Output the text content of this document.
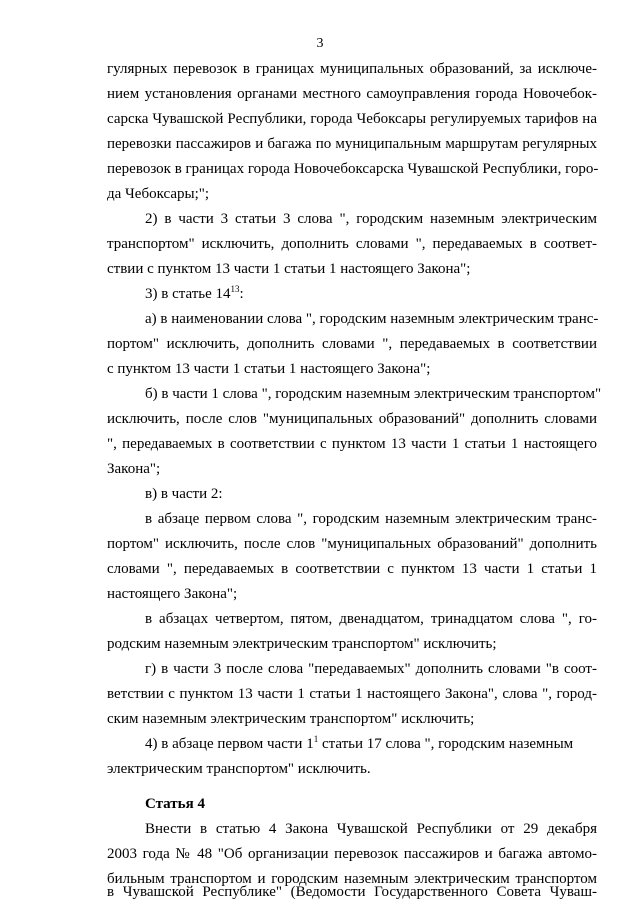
3
гулярных перевозок в границах муниципальных образований, за исключе-
нием установления органами местного самоуправления города Новочебок-
сарска Чувашской Республики, города Чебоксары регулируемых тарифов на
перевозки пассажиров и багажа по муниципальным маршрутам регулярных
перевозок в границах города Новочебоксарска Чувашской Республики, горо-
да Чебоксары;";
2) в части 3 статьи 3 слова ", городским наземным электрическим
транспортом" исключить, дополнить словами ", передаваемых в соответ-
ствии с пунктом 13 части 1 статьи 1 настоящего Закона";
3) в статье $14^{13}$:
а) в наименовании слова ", городским наземным электрическим транс-
портом" исключить, дополнить словами ", передаваемых в соответствии
с пунктом 13 части 1 статьи 1 настоящего Закона";
б) в части 1 слова ", городским наземным электрическим транспортом"
исключить, после слов "муниципальных образований" дополнить словами
", передаваемых в соответствии с пунктом 13 части 1 статьи 1 настоящего
Закона";
в) в части 2:
в абзаце первом слова ", городским наземным электрическим транс-
портом" исключить, после слов "муниципальных образований" дополнить
словами ", передаваемых в соответствии с пунктом 13 части 1 статьи 1
настоящего Закона";
в абзацах четвертом, пятом, двенадцатом, тринадцатом слова ", го-
родским наземным электрическим транспортом" исключить;
г) в части 3 после слова "передаваемых" дополнить словами "в соот-
ветствии с пунктом 13 части 1 статьи 1 настоящего Закона", слова ", город-
ским наземным электрическим транспортом" исключить;
4) в абзаце первом части $1^1$ статьи 17 слова ", городским наземным
электрическим транспортом" исключить.
Статья 4
Внести в статью 4 Закона Чувашской Республики от 29 декабря
2003 года № 48 "Об организации перевозок пассажиров и багажа автомо-
бильным транспортом и городским наземным электрическим транспортом
в Чувашской Республике" (Ведомости Государственного Совета Чуваш-
